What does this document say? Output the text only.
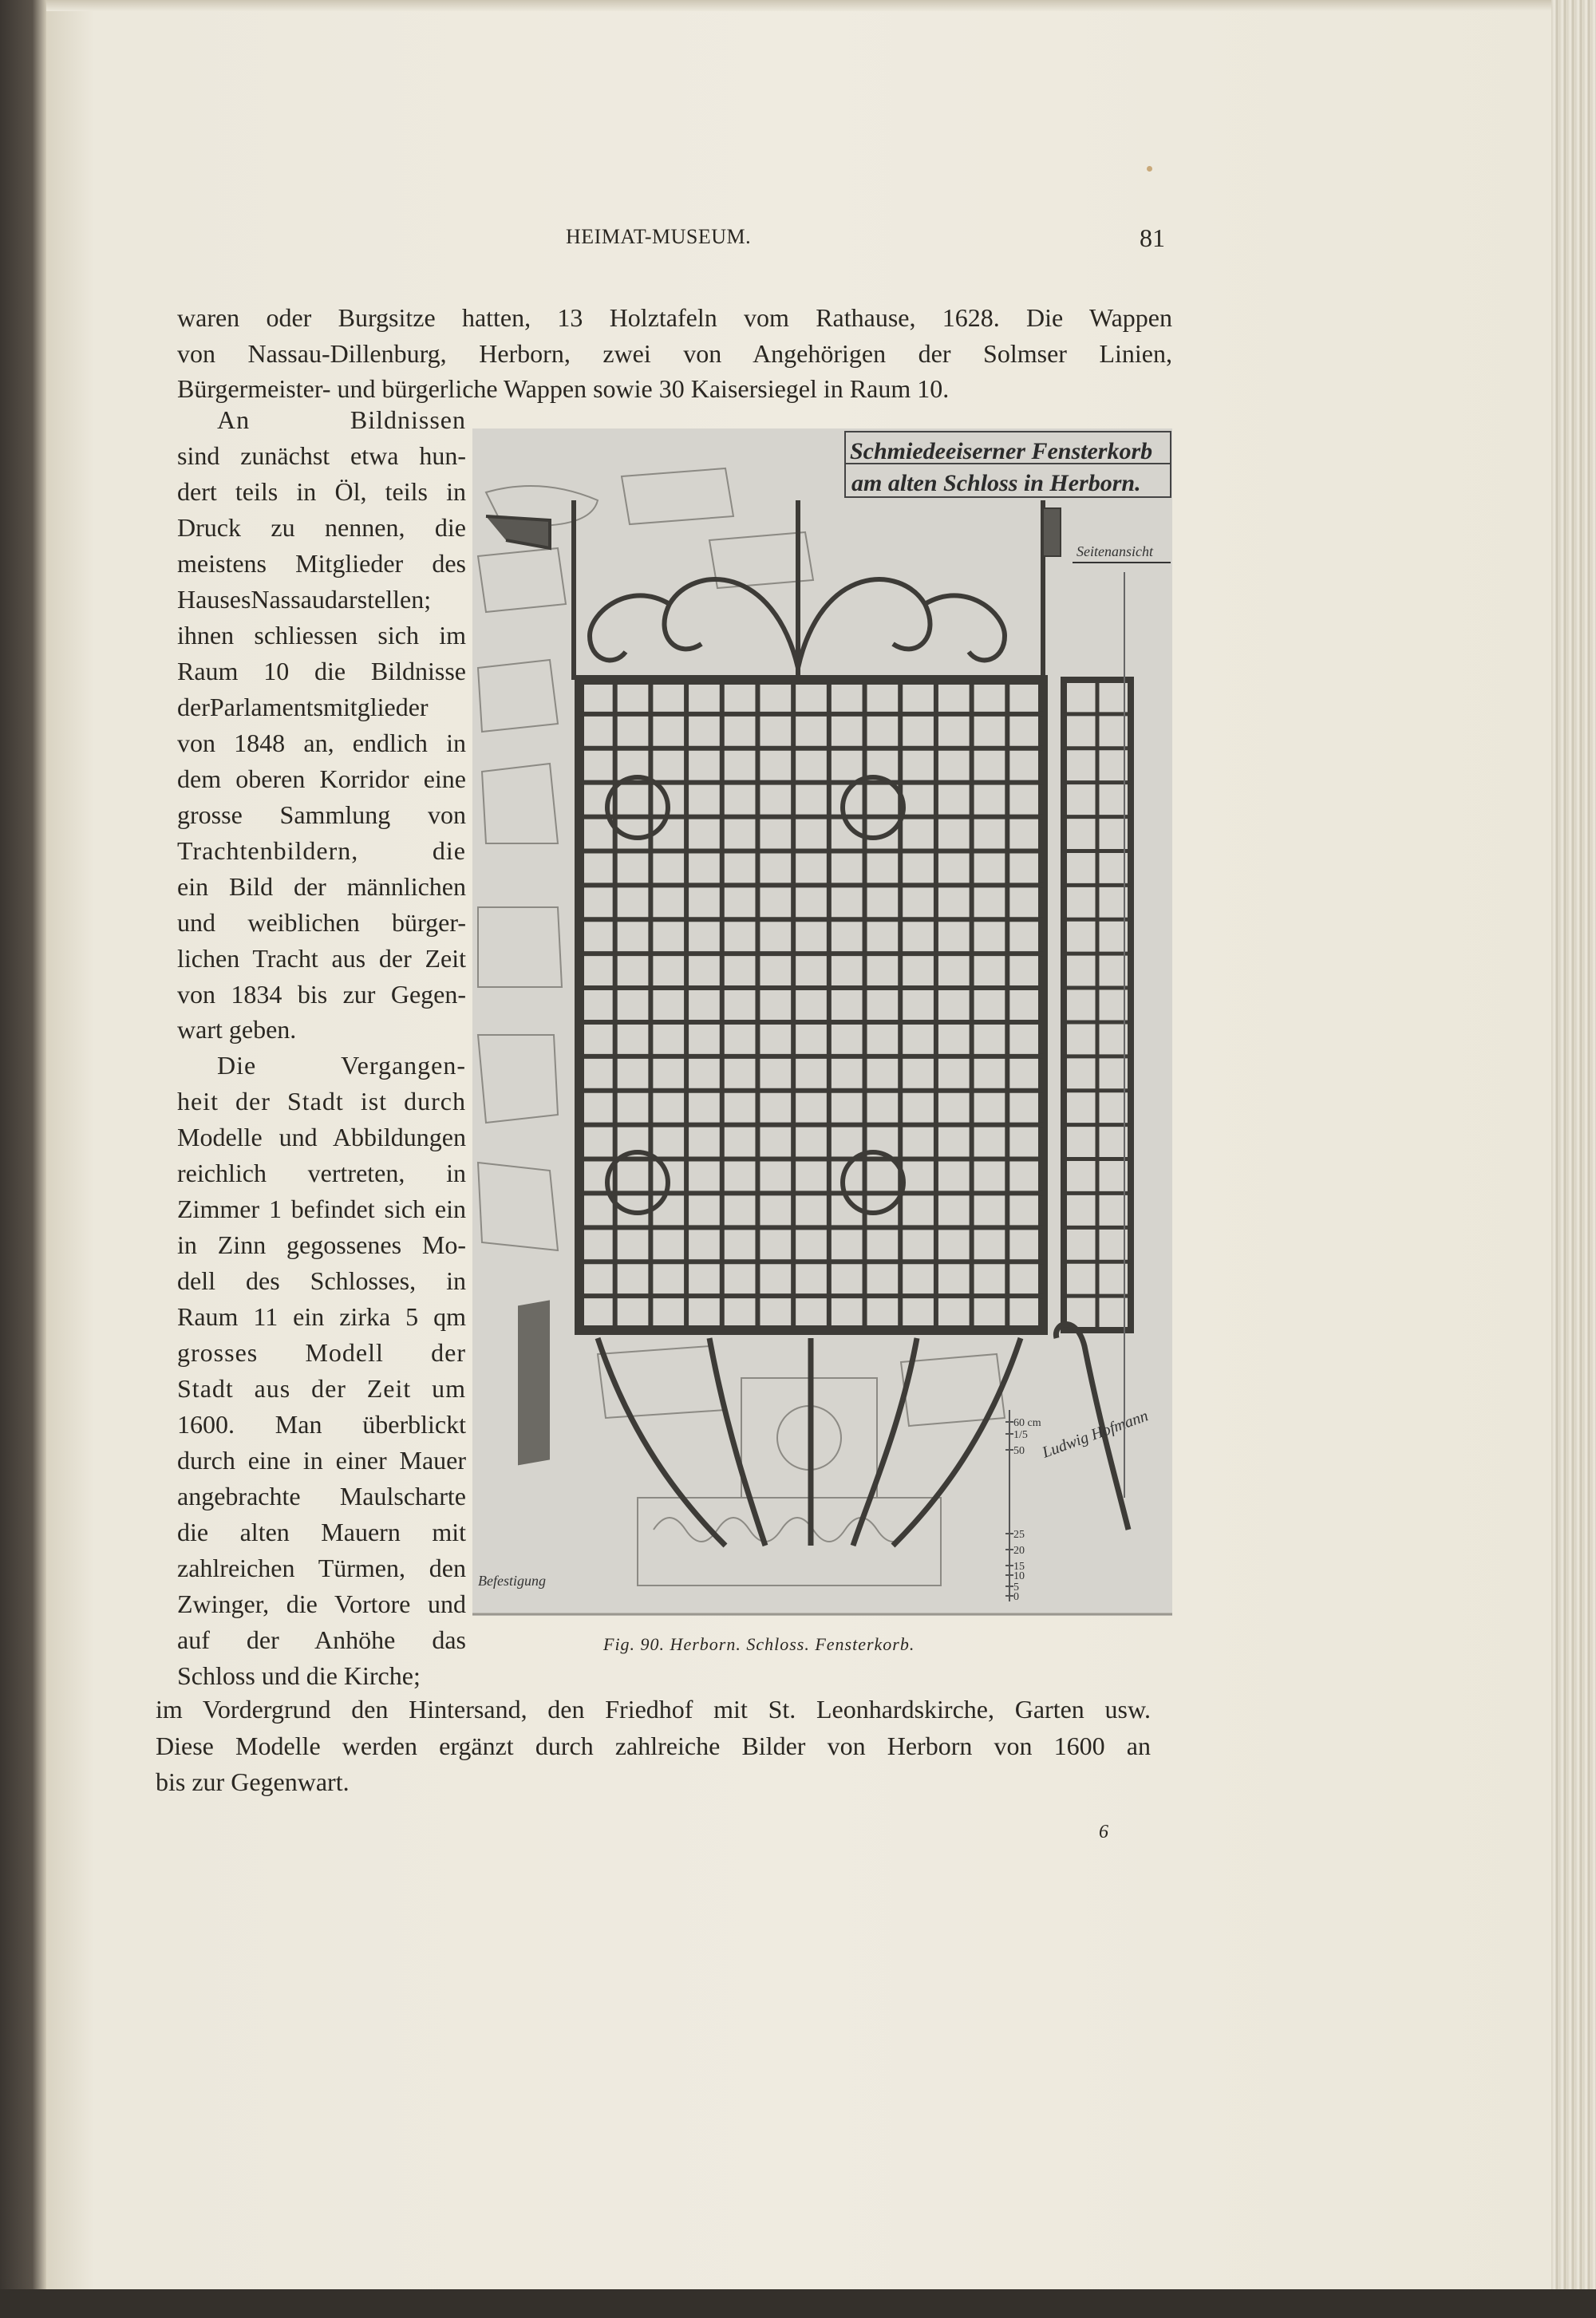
HEIMAT-MUSEUM.	81
waren oder Burgsitze hatten, 13 Holztafeln vom Rathause, 1628. Die Wappen
von Nassau-Dillenburg, Herborn, zwei von Angehörigen der Solmser Linien,
Bürgermeister- und bürgerliche Wappen sowie 30 Kaisersiegel in Raum 10.
An Bildnissen
sind zunächst etwa hun-
dert teils in Öl, teils in
Druck zu nennen, die
meistens Mitglieder des
HausesNassaudarstellen;
ihnen schliessen sich im
Raum 10 die Bildnisse
derParlamentsmitglieder
von 1848 an, endlich in
dem oberen Korridor eine
grosse Sammlung von
Trachtenbildern, die
ein Bild der männlichen
und weiblichen bürger-
lichen Tracht aus der Zeit
von 1834 bis zur Gegen-
wart geben.
Die Vergangen-
heit der Stadt ist durch
Modelle und Abbildungen
reichlich vertreten, in
Zimmer 1 befindet sich ein
in Zinn gegossenes Mo-
dell des Schlosses, in
Raum 11 ein zirka 5 qm
grosses Modell der
Stadt aus der Zeit um
1600. Man überblickt
durch eine in einer Mauer
angebrachte Maulscharte
die alten Mauern mit
zahlreichen Türmen, den
Zwinger, die Vortore und
auf der Anhöhe das
Schloss und die Kirche;
im Vordergrund den Hintersand, den Friedhof mit St. Leonhardskirche, Garten usw.
Diese Modelle werden ergänzt durch zahlreiche Bilder von Herborn von 1600 an
bis zur Gegenwart.
Schmiedeeiserner Fensterkorb
am alten Schloss in Herborn.
Seitenansicht
Befestigung
60 cm
1/5
50
25
20
15
10
5
0
Ludwig Hofmann
Fig. 90. Herborn. Schloss. Fensterkorb.
6
